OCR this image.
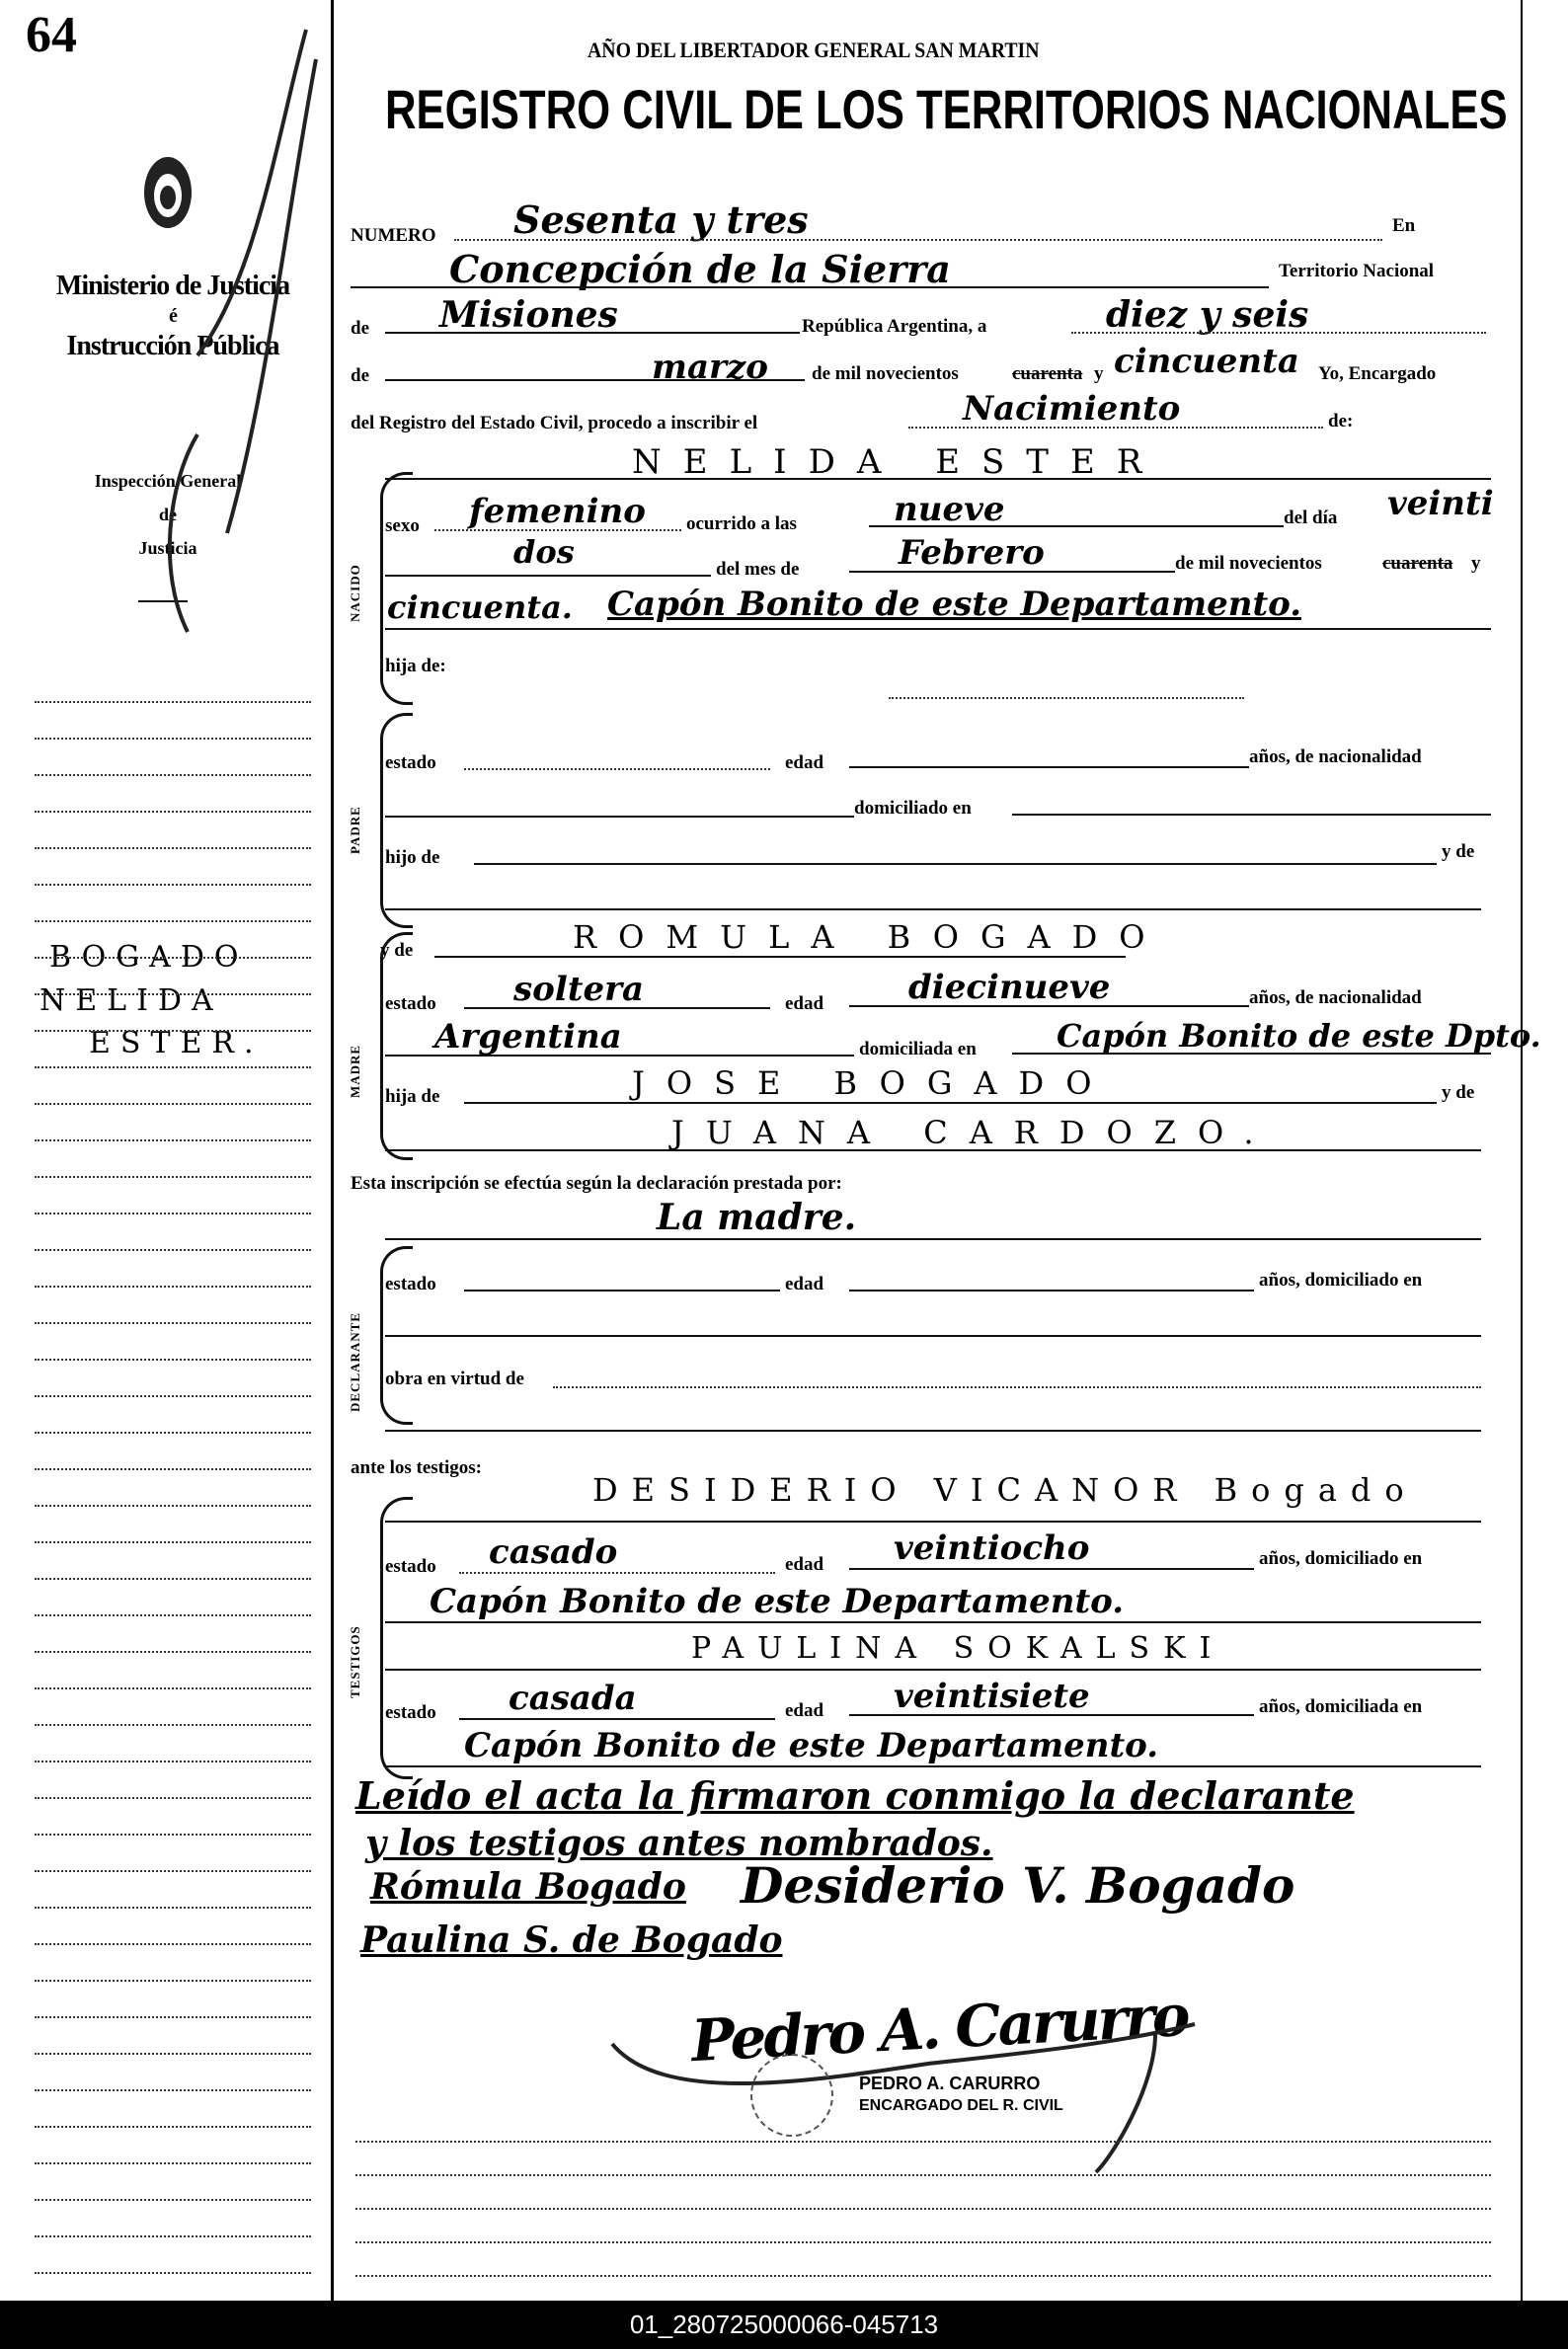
64
Ministerio de Justicia
é
Instrucción Pública
Inspección General
de
Justicia
BOGADO
NELIDA
ESTER.
AÑO DEL LIBERTADOR GENERAL SAN MARTIN
REGISTRO CIVIL DE LOS TERRITORIOS NACIONALES
NUMERO Sesenta y tres	En
Concepción de la Sierra	Territorio Nacional
de Misiones	República Argentina, a	diez y seis
de	marzo de mil novecientos	cuarenta y cincuenta Yo, Encargado
del Registro del Estado Civil, procedo a inscribir el	Nacimiento	de:
NELIDA ESTER
NACIDO
sexo femenino ocurrido a las	nueve	del día veinti
dos	del mes de	Febrero	de mil novecientos	cuarenta y
cincuenta. Capón Bonito de este Departamento.
hija de:
PADRE
estado	edad	años, de nacionalidad
domiciliado en
hijo de	y de
MADRE
y de	ROMULA BOGADO
estado soltera	edad	diecinueve	años, de nacionalidad
Argentina	domiciliada en	Capón Bonito de este Dpto.
hija de	JOSE BOGADO	y de
JUANA CARDOZO.
Esta inscripción se efectúa según la declaración prestada por:
La madre.
DECLARANTE
estado	edad	años, domiciliado en
obra en virtud de
ante los testigos:
TESTIGOS
DESIDERIO VICANOR Bogado
estado casado	edad veintiocho	años, domiciliado en
Capón Bonito de este Departamento.
PAULINA SOKALSKI
estado casada	edad veintisiete	años, domiciliada en
Capón Bonito de este Departamento.
Leído el acta la firmaron conmigo la declarante
y los testigos antes nombrados.
Rómula Bogado Desiderio V. Bogado
Paulina S. de Bogado
Pedro A. Carurro
PEDRO A. CARURRO
ENCARGADO DEL R. CIVIL
01_280725000066-045713
